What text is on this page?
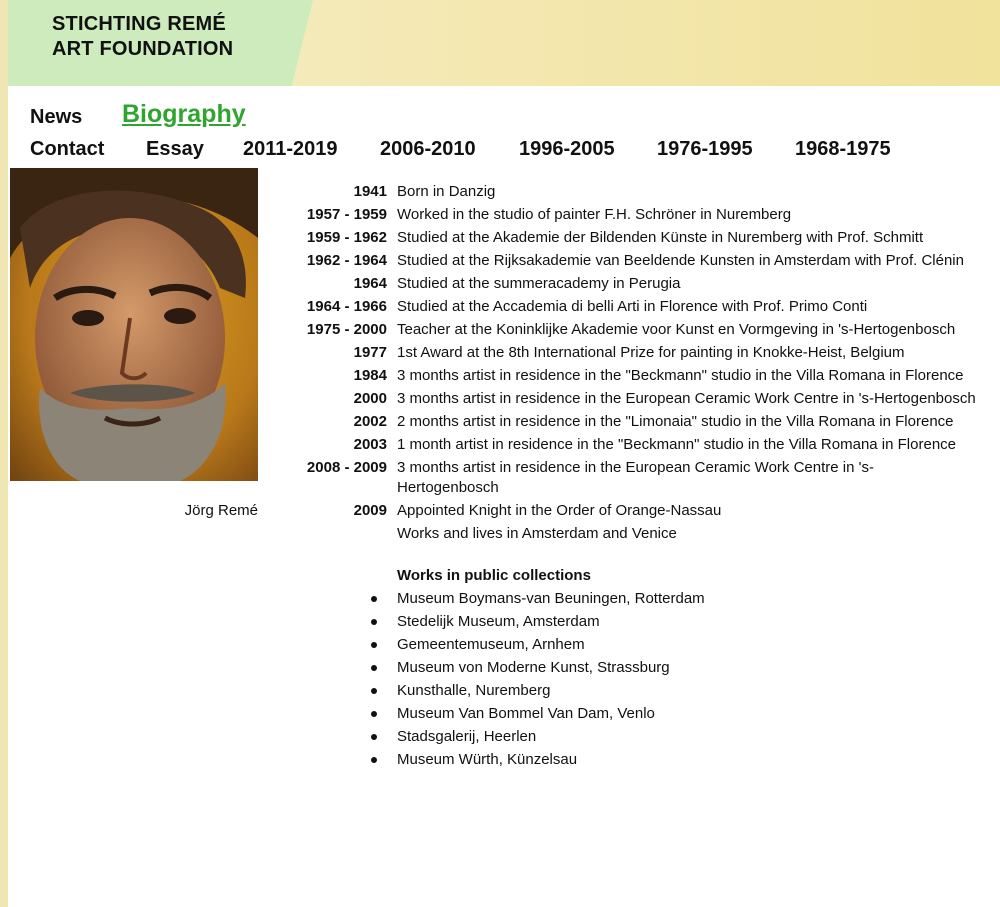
STICHTING REMÉ
ART FOUNDATION
News Biography
Contact Essay 2011-2019 2006-2010 1996-2005 1976-1995 1968-1975
Jörg Remé
1941 Born in Danzig
1957 - 1959 Worked in the studio of painter F.H. Schröner in Nuremberg
1959 - 1962 Studied at the Akademie der Bildenden Künste in Nuremberg with Prof. Schmitt
1962 - 1964 Studied at the Rijksakademie van Beeldende Kunsten in Amsterdam with Prof. Clénin
1964 Studied at the summeracademy in Perugia
1964 - 1966 Studied at the Accademia di belli Arti in Florence with Prof. Primo Conti
1975 - 2000 Teacher at the Koninklijke Akademie voor Kunst en Vormgeving in 's-Hertogenbosch
1977 1st Award at the 8th International Prize for painting in Knokke-Heist, Belgium
1984 3 months artist in residence in the "Beckmann" studio in the Villa Romana in Florence
2000 3 months artist in residence in the European Ceramic Work Centre in 's-Hertogenbosch
2002 2 months artist in residence in the "Limonaia" studio in the Villa Romana in Florence
2003 1 month artist in residence in the "Beckmann" studio in the Villa Romana in Florence
2008 - 2009 3 months artist in residence in the European Ceramic Work Centre in 's-Hertogenbosch
2009 Appointed Knight in the Order of Orange-Nassau
Works and lives in Amsterdam and Venice
Works in public collections
Museum Boymans-van Beuningen, Rotterdam
Stedelijk Museum, Amsterdam
Gemeentemuseum, Arnhem
Museum von Moderne Kunst, Strassburg
Kunsthalle, Nuremberg
Museum Van Bommel Van Dam, Venlo
Stadsgalerij, Heerlen
Museum Würth, Künzelsau
